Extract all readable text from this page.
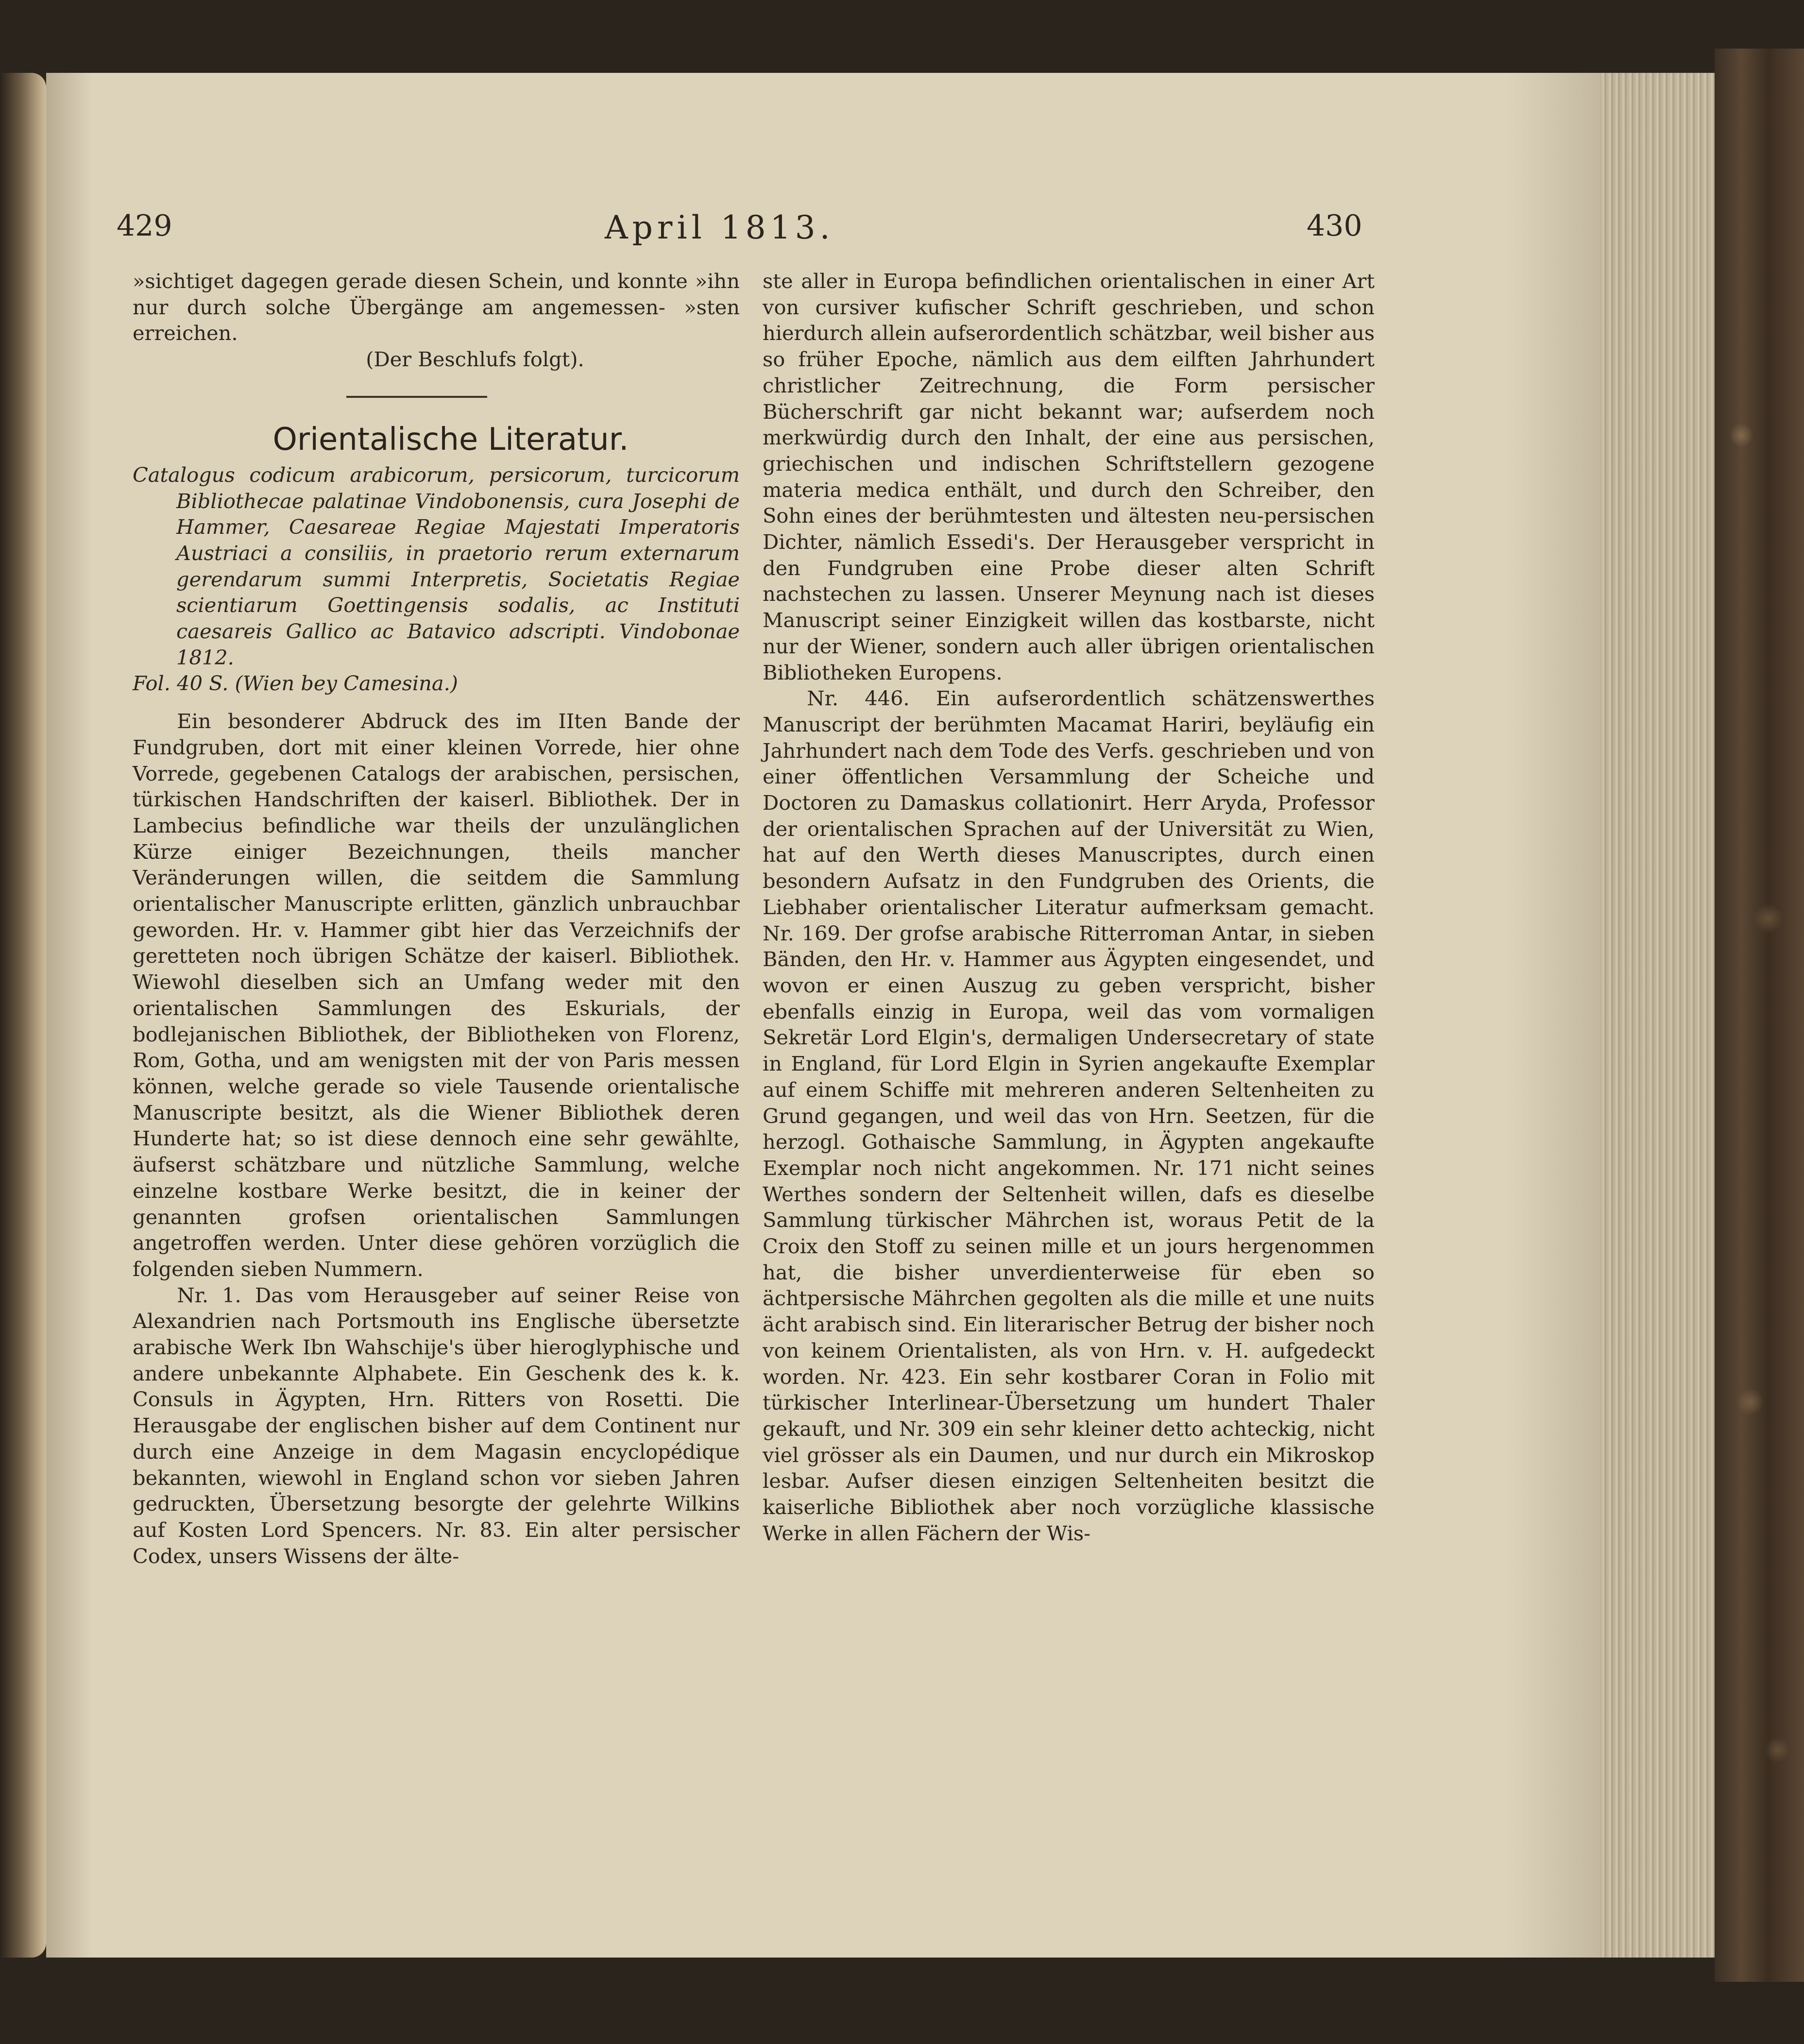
429	April 1813.	430

»sichtiget dagegen gerade diesen Schein, und konnte »ihn nur durch solche Übergänge am angemessen- »sten erreichen.

(Der Beschlufs folgt).

Orientalische Literatur.

Catalogus codicum arabicorum, persicorum, turcicorum Bibliothecae palatinae Vindobonensis, cura Josephi de Hammer, Caesareae Regiae Majestati Imperatoris Austriaci a consiliis, in praetorio rerum externarum gerendarum summi Interpretis, Societatis Regiae scientiarum Goettingensis sodalis, ac Instituti caesareis Gallico ac Batavico adscripti. Vindobonae 1812.

Fol. 40 S. (Wien bey Camesina.)

Ein besonderer Abdruck des im IIten Bande der Fundgruben, dort mit einer kleinen Vorrede, hier ohne Vorrede, gegebenen Catalogs der arabischen, persischen, türkischen Handschriften der kaiserl. Bibliothek. Der in Lambecius befindliche war theils der unzulänglichen Kürze einiger Bezeichnungen, theils mancher Veränderungen willen, die seitdem die Sammlung orientalischer Manuscripte erlitten, gänzlich unbrauchbar geworden. Hr. v. Hammer gibt hier das Verzeichnifs der geretteten noch übrigen Schätze der kaiserl. Bibliothek. Wiewohl dieselben sich an Umfang weder mit den orientalischen Sammlungen des Eskurials, der bodlejanischen Bibliothek, der Bibliotheken von Florenz, Rom, Gotha, und am wenigsten mit der von Paris messen können, welche gerade so viele Tausende orientalische Manuscripte besitzt, als die Wiener Bibliothek deren Hunderte hat; so ist diese dennoch eine sehr gewählte, äufserst schätzbare und nützliche Sammlung, welche einzelne kostbare Werke besitzt, die in keiner der genannten grofsen orientalischen Sammlungen angetroffen werden. Unter diese gehören vorzüglich die folgenden sieben Nummern.

Nr. 1. Das vom Herausgeber auf seiner Reise von Alexandrien nach Portsmouth ins Englische übersetzte arabische Werk Ibn Wahschije's über hieroglyphische und andere unbekannte Alphabete. Ein Geschenk des k. k. Consuls in Ägypten, Hrn. Ritters von Rosetti. Die Herausgabe der englischen bisher auf dem Continent nur durch eine Anzeige in dem Magasin encyclopédique bekannten, wiewohl in England schon vor sieben Jahren gedruckten, Übersetzung besorgte der gelehrte Wilkins auf Kosten Lord Spencers. Nr. 83. Ein alter persischer Codex, unsers Wissens der älte-

ste aller in Europa befindlichen orientalischen in einer Art von cursiver kufischer Schrift geschrieben, und schon hierdurch allein aufserordentlich schätzbar, weil bisher aus so früher Epoche, nämlich aus dem eilften Jahrhundert christlicher Zeitrechnung, die Form persischer Bücherschrift gar nicht bekannt war; aufserdem noch merkwürdig durch den Inhalt, der eine aus persischen, griechischen und indischen Schriftstellern gezogene materia medica enthält, und durch den Schreiber, den Sohn eines der berühmtesten und ältesten neu-persischen Dichter, nämlich Essedi's. Der Herausgeber verspricht in den Fundgruben eine Probe dieser alten Schrift nachstechen zu lassen. Unserer Meynung nach ist dieses Manuscript seiner Einzigkeit willen das kostbarste, nicht nur der Wiener, sondern auch aller übrigen orientalischen Bibliotheken Europens.

Nr. 446. Ein aufserordentlich schätzenswerthes Manuscript der berühmten Macamat Hariri, beyläufig ein Jahrhundert nach dem Tode des Verfs. geschrieben und von einer öffentlichen Versammlung der Scheiche und Doctoren zu Damaskus collationirt. Herr Aryda, Professor der orientalischen Sprachen auf der Universität zu Wien, hat auf den Werth dieses Manuscriptes, durch einen besondern Aufsatz in den Fundgruben des Orients, die Liebhaber orientalischer Literatur aufmerksam gemacht. Nr. 169. Der grofse arabische Ritterroman Antar, in sieben Bänden, den Hr. v. Hammer aus Ägypten eingesendet, und wovon er einen Auszug zu geben verspricht, bisher ebenfalls einzig in Europa, weil das vom vormaligen Sekretär Lord Elgin's, dermaligen Undersecretary of state in England, für Lord Elgin in Syrien angekaufte Exemplar auf einem Schiffe mit mehreren anderen Seltenheiten zu Grund gegangen, und weil das von Hrn. Seetzen, für die herzogl. Gothaische Sammlung, in Ägypten angekaufte Exemplar noch nicht angekommen. Nr. 171 nicht seines Werthes sondern der Seltenheit willen, dafs es dieselbe Sammlung türkischer Mährchen ist, woraus Petit de la Croix den Stoff zu seinen mille et un jours hergenommen hat, die bisher unverdienterweise für eben so ächtpersische Mährchen gegolten als die mille et une nuits ächt arabisch sind. Ein literarischer Betrug der bisher noch von keinem Orientalisten, als von Hrn. v. H. aufgedeckt worden. Nr. 423. Ein sehr kostbarer Coran in Folio mit türkischer Interlinear-Übersetzung um hundert Thaler gekauft, und Nr. 309 ein sehr kleiner detto achteckig, nicht viel grösser als ein Daumen, und nur durch ein Mikroskop lesbar. Aufser diesen einzigen Seltenheiten besitzt die kaiserliche Bibliothek aber noch vorzügliche klassische Werke in allen Fächern der Wis-
